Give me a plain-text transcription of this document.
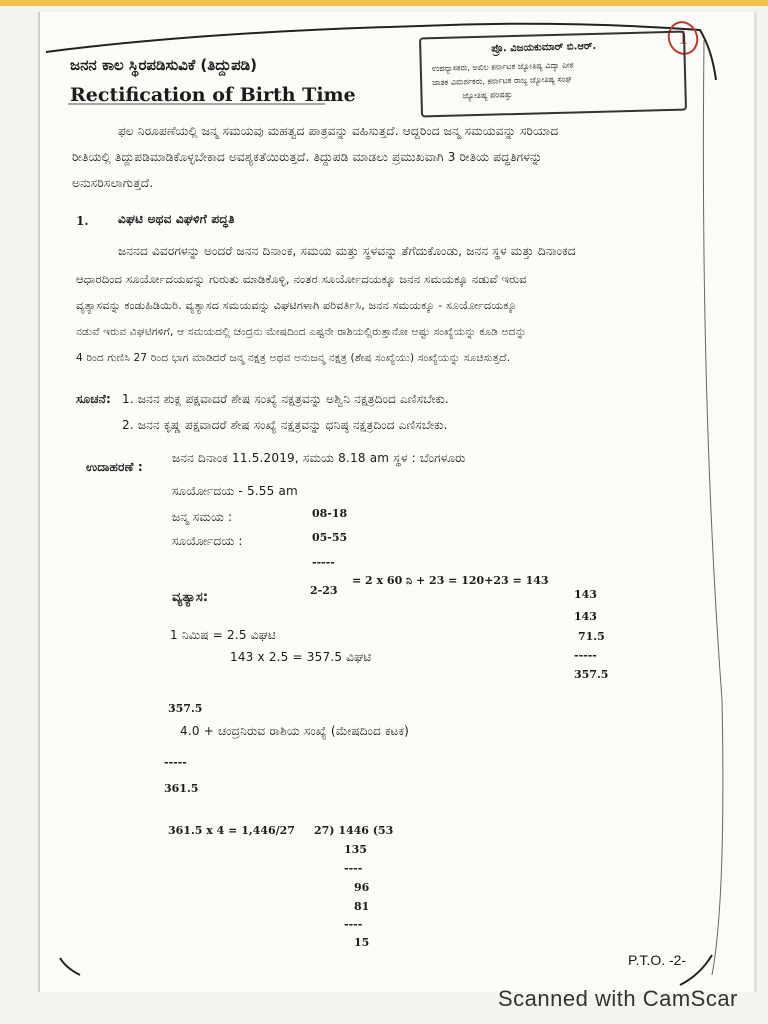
1
ಜನನ ಕಾಲ ಸ್ಥಿರಪಡಿಸುವಿಕೆ (ತಿದ್ದುಪಡಿ)
Rectification of Birth Time
ಪ್ರೊ. ವಿಜಯಕುಮಾರ್ ಬಿ.ಆರ್.
ಉಪನ್ಯಾಸಕರು, ಅಖಿಲ ಕರ್ನಾಟಕ ಜ್ಯೋತಿಷ್ಯ ವಿದ್ಯಾ ಪೀಠ
ಜಾತಕ ವಿಮರ್ಶಕರು, ಕರ್ನಾಟಕ ರಾಜ್ಯ ಜ್ಯೋತಿಷ್ಯ ಸಂಘ
ಜ್ಯೋತಿಷ್ಯ ಪರಿಷತ್ತು
ಫಲ ನಿರೂಪಣೆಯಲ್ಲಿ ಜನ್ಮ ಸಮಯವು ಮಹತ್ವದ ಪಾತ್ರವನ್ನು ವಹಿಸುತ್ತದೆ. ಆದ್ದರಿಂದ ಜನ್ಮ ಸಮಯವನ್ನು ಸರಿಯಾದ
ರೀತಿಯಲ್ಲಿ ತಿದ್ದುಪಡಿಮಾಡಿಕೊಳ್ಳಬೇಕಾದ ಅವಶ್ಯಕತೆಯಿರುತ್ತದೆ. ತಿದ್ದುಪಡಿ ಮಾಡಲು ಪ್ರಮುಖವಾಗಿ 3 ರೀತಿಯ ಪದ್ಧತಿಗಳನ್ನು
ಅನುಸರಿಸಲಾಗುತ್ತದೆ.
1. ವಿಘಟಿ ಅಥವ ವಿಘಳಿಗೆ ಪದ್ಧತಿ
ಜನನದ ವಿವರಗಳನ್ನು ಅಂದರೆ ಜನನ ದಿನಾಂಕ, ಸಮಯ ಮತ್ತು ಸ್ಥಳವನ್ನು ತೆಗೆದುಕೊಂಡು, ಜನನ ಸ್ಥಳ ಮತ್ತು ದಿನಾಂಕದ
ಆಧಾರದಿಂದ ಸೂರ್ಯೋದಯವನ್ನು ಗುರುತು ಮಾಡಿಕೊಳ್ಳಿ, ನಂತರ ಸೂರ್ಯೋದಯಕ್ಕೂ ಜನನ ಸಮಯಕ್ಕೂ ನಡುವೆ ಇರುವ
ವ್ಯತ್ಯಾಸವನ್ನು ಕಂಡುಹಿಡಿಯಿರಿ. ವ್ಯತ್ಯಾಸದ ಸಮಯವನ್ನು ವಿಘಟಿಗಳಾಗಿ ಪರಿವರ್ತಿಸಿ, ಜನನ ಸಮಯಕ್ಕೂ - ಸೂರ್ಯೋದಯಕ್ಕೂ
ನಡುವೆ ಇರುವ ವಿಘಟಿಗಳಿಗೆ, ಆ ಸಮಯದಲ್ಲಿ ಚಂದ್ರನು ಮೇಷದಿಂದ ಎಷ್ಟನೇ ರಾಶಿಯಲ್ಲಿರುತ್ತಾನೋ ಅಷ್ಟು ಸಂಖ್ಯೆಯನ್ನು ಕೂಡಿ ಅದನ್ನು
4 ರಿಂದ ಗುಣಿಸಿ 27 ರಿಂದ ಭಾಗ ಮಾಡಿದರೆ ಜನ್ಮ ನಕ್ಷತ್ರ ಅಥವ ಅನುಜನ್ಮ ನಕ್ಷತ್ರ (ಶೇಷ ಸಂಖ್ಯೆಯು) ಸಂಖ್ಯೆಯನ್ನು ಸೂಚಿಸುತ್ತದೆ.
ಸೂಚನೆ: 1. ಜನನ ಶುಕ್ಲ ಪಕ್ಷವಾದರೆ ಶೇಷ ಸಂಖ್ಯೆ ನಕ್ಷತ್ರವನ್ನು ಅಶ್ವಿನಿ ನಕ್ಷತ್ರದಿಂದ ಎಣಿಸಬೇಕು.
2. ಜನನ ಕೃಷ್ಣ ಪಕ್ಷವಾದರೆ ಶೇಷ ಸಂಖ್ಯೆ ನಕ್ಷತ್ರವನ್ನು ಧನಿಷ್ಠ ನಕ್ಷತ್ರದಿಂದ ಎಣಿಸಬೇಕು.
ಉದಾಹರಣೆ :
ಜನನ ದಿನಾಂಕ 11.5.2019, ಸಮಯ 8.18 am ಸ್ಥಳ : ಬೆಂಗಳೂರು
ಸೂರ್ಯೋದಯ - 5.55 am
ಜನ್ಮ ಸಮಯ :	08-18
ಸೂರ್ಯೋದಯ :	05-55
-----
ವ್ಯತ್ಯಾಸ:	2-23
= 2 x 60 ನಿ + 23 = 120+23 = 143
143
143
71.5
-----
357.5
1 ನಿಮಿಷ = 2.5 ವಿಘಟಿ
143 x 2.5 = 357.5 ವಿಘಟಿ
357.5
4.0 + ಚಂದ್ರನಿರುವ ರಾಶಿಯ ಸಂಖ್ಯೆ (ಮೇಷದಿಂದ ಕಟಕ)
-----
361.5
361.5 x 4 = 1,446/27 27) 1446 (53
135
----
96
81
----
15
P.T.O. -2-
Scanned with CamScar
